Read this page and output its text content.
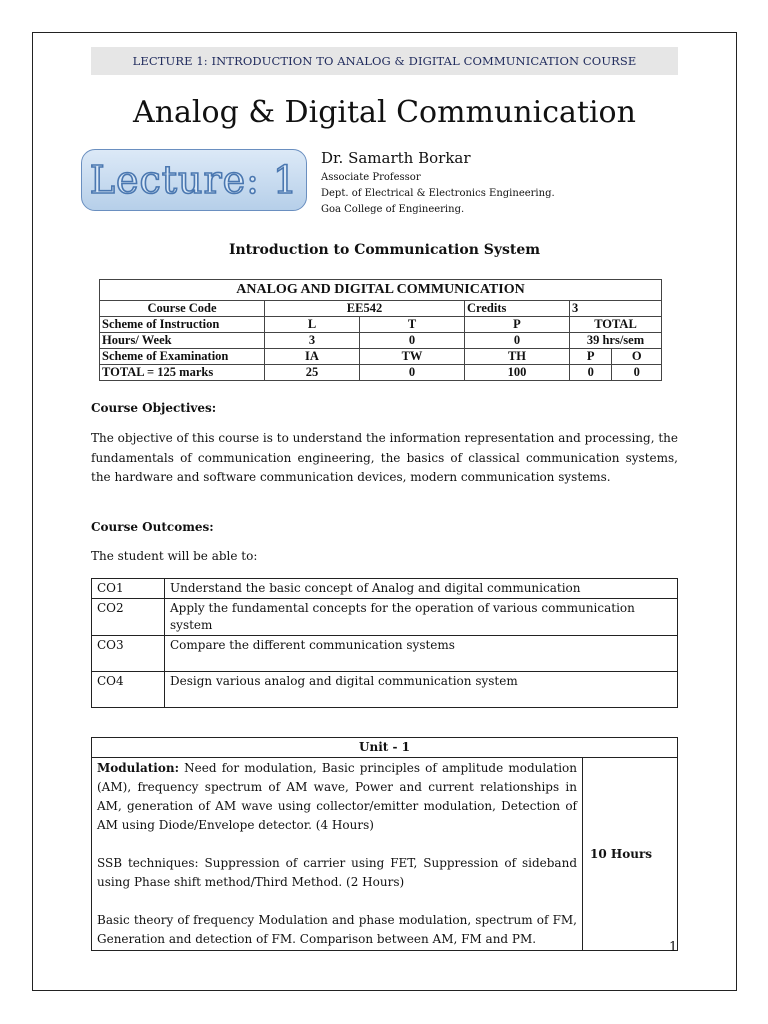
LECTURE 1: INTRODUCTION TO ANALOG & DIGITAL COMMUNICATION COURSE
Analog & Digital Communication
Lecture: 1	Dr. Samarth Borkar
Associate Professor
Dept. of Electrical & Electronics Engineering.
Goa College of Engineering.
Introduction to Communication System
ANALOG AND DIGITAL COMMUNICATION					
Course Code	EE542		Credits	3	
Scheme of Instruction	L	T	P	TOTAL	
Hours/ Week	3	0	0	39 hrs/sem	
Scheme of Examination	IA	TW	TH	P	O
TOTAL = 125 marks	25	0	100	0	0
Course Objectives:
The objective of this course is to understand the information representation and processing, the fundamentals of communication engineering, the basics of classical communication systems, the hardware and software communication devices, modern communication systems.
Course Outcomes:
The student will be able to:
CO1	Understand the basic concept of Analog and digital communication
CO2	Apply the fundamental concepts for the operation of various communication system
CO3	Compare the different communication systems
CO4	Design various analog and digital communication system
Unit - 1

Modulation: Need for modulation, Basic principles of amplitude modulation (AM), frequency spectrum of AM wave, Power and current relationships in AM, generation of AM wave using collector/emitter modulation, Detection of AM using Diode/Envelope detector. (4 Hours)

SSB techniques: Suppression of carrier using FET, Suppression of sideband using Phase shift method/Third Method. (2 Hours)

Basic theory of frequency Modulation and phase modulation, spectrum of FM, Generation and detection of FM. Comparison between AM, FM and PM.

	10 Hours
1
